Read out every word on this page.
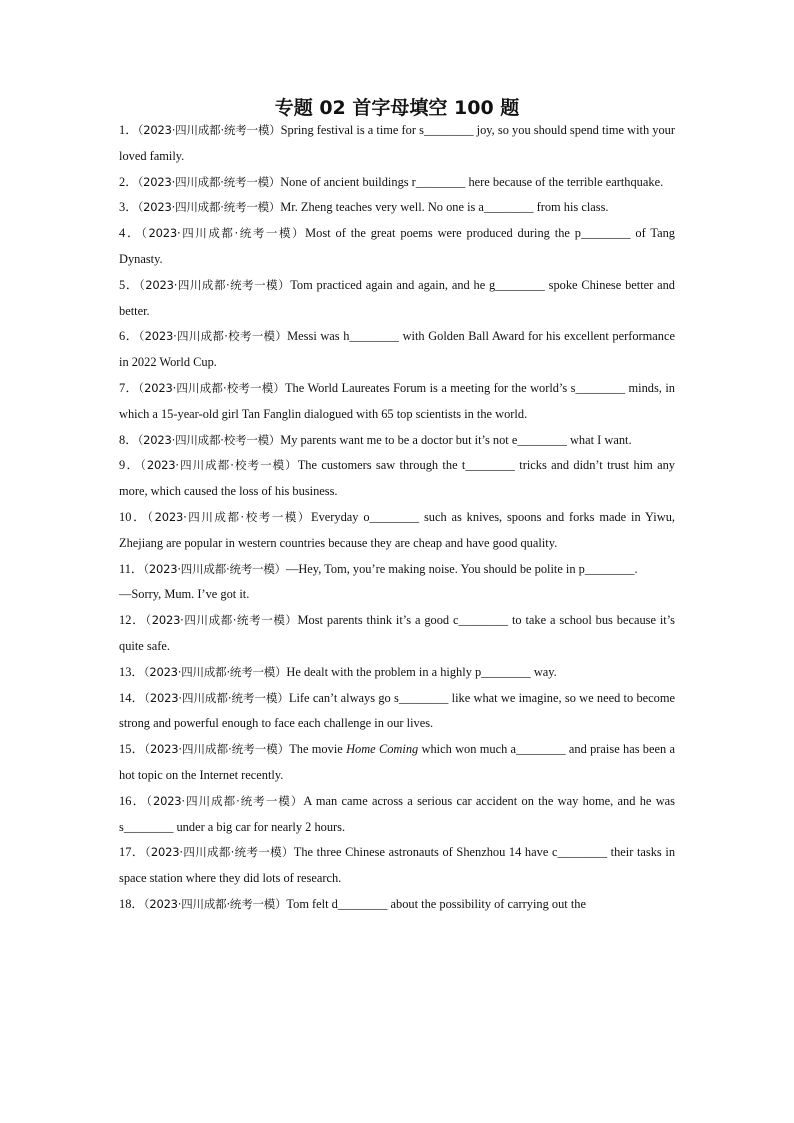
专题 02 首字母填空 100 题

1．（2023·四川成都·统考一模）Spring festival is a time for s________ joy, so you should spend time with your loved family.

2．（2023·四川成都·统考一模）None of ancient buildings r________ here because of the terrible earthquake.

3．（2023·四川成都·统考一模）Mr. Zheng teaches very well. No one is a________ from his class.

4．（2023·四川成都·统考一模）Most of the great poems were produced during the p________ of Tang Dynasty.

5．（2023·四川成都·统考一模）Tom practiced again and again, and he g________ spoke Chinese better and better.

6．（2023·四川成都·校考一模）Messi was h________ with Golden Ball Award for his excellent performance in 2022 World Cup.

7．（2023·四川成都·校考一模）The World Laureates Forum is a meeting for the world’s s________ minds, in which a 15-year-old girl Tan Fanglin dialogued with 65 top scientists in the world.

8．（2023·四川成都·校考一模）My parents want me to be a doctor but it’s not e________ what I want.

9．（2023·四川成都·校考一模）The customers saw through the t________ tricks and didn’t trust him any more, which caused the loss of his business.

10．（2023·四川成都·校考一模）Everyday o________ such as knives, spoons and forks made in Yiwu, Zhejiang are popular in western countries because they are cheap and have good quality.

11．（2023·四川成都·统考一模）—Hey, Tom, you’re making noise. You should be polite in p________.

—Sorry, Mum. I’ve got it.

12．（2023·四川成都·统考一模）Most parents think it’s a good c________ to take a school bus because it’s quite safe.

13．（2023·四川成都·统考一模）He dealt with the problem in a highly p________ way.

14．（2023·四川成都·统考一模）Life can’t always go s________ like what we imagine, so we need to become strong and powerful enough to face each challenge in our lives.

15．（2023·四川成都·统考一模）The movie Home Coming which won much a________ and praise has been a hot topic on the Internet recently.

16．（2023·四川成都·统考一模）A man came across a serious car accident on the way home, and he was s________ under a big car for nearly 2 hours.

17．（2023·四川成都·统考一模）The three Chinese astronauts of Shenzhou 14 have c________ their tasks in space station where they did lots of research.

18．（2023·四川成都·统考一模）Tom felt d________ about the possibility of carrying out the
